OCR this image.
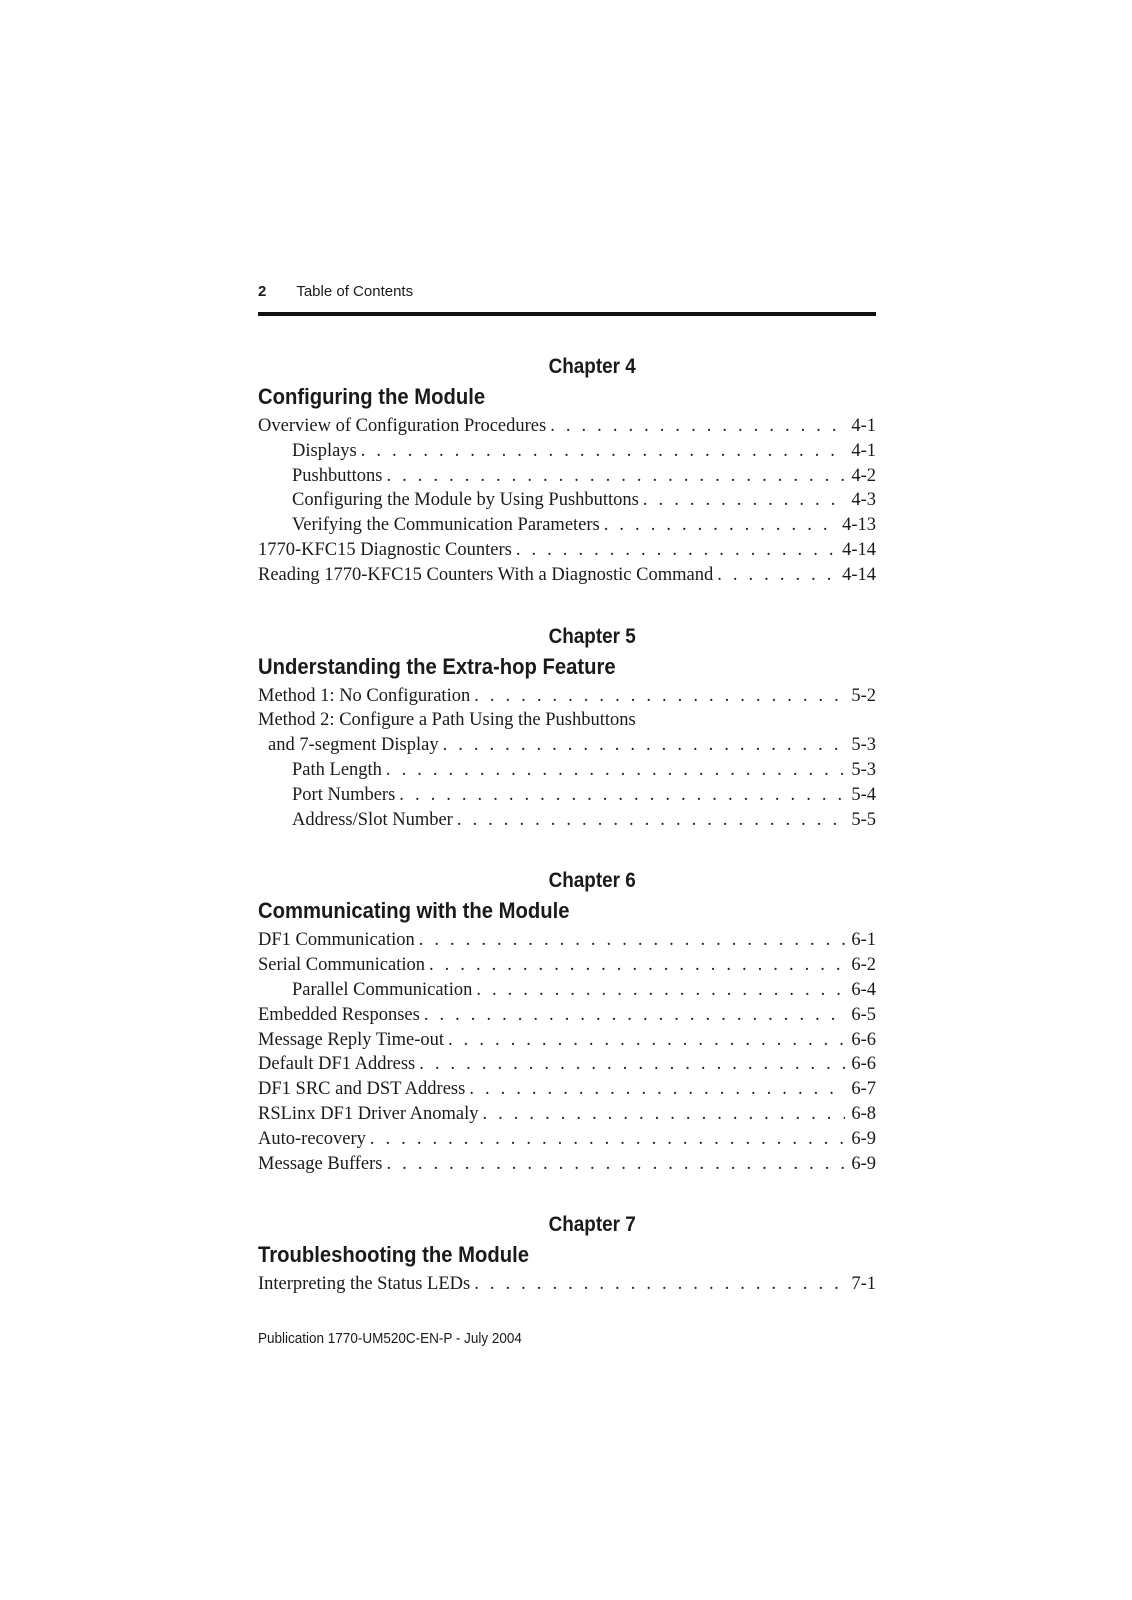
2 Table of Contents
Chapter 4
Configuring the Module
Overview of Configuration Procedures . . .	4-1
Displays . . .	4-1
Pushbuttons . . .	4-2
Configuring the Module by Using Pushbuttons . . .	4-3
Verifying the Communication Parameters . . .	4-13
1770-KFC15 Diagnostic Counters . . .	4-14
Reading 1770-KFC15 Counters With a Diagnostic Command . . .	4-14
Chapter 5
Understanding the Extra-hop Feature
Method 1: No Configuration . . .	5-2
Method 2: Configure a Path Using the Pushbuttons
and 7-segment Display . . .	5-3
Path Length . . .	5-3
Port Numbers . . .	5-4
Address/Slot Number . . .	5-5
Chapter 6
Communicating with the Module
DF1 Communication . . .	6-1
Serial Communication . . .	6-2
Parallel Communication . . .	6-4
Embedded Responses . . .	6-5
Message Reply Time-out . . .	6-6
Default DF1 Address . . .	6-6
DF1 SRC and DST Address . . .	6-7
RSLinx DF1 Driver Anomaly . . .	6-8
Auto-recovery . . .	6-9
Message Buffers . . .	6-9
Chapter 7
Troubleshooting the Module
Interpreting the Status LEDs . . .	7-1
Publication 1770-UM520C-EN-P - July 2004
